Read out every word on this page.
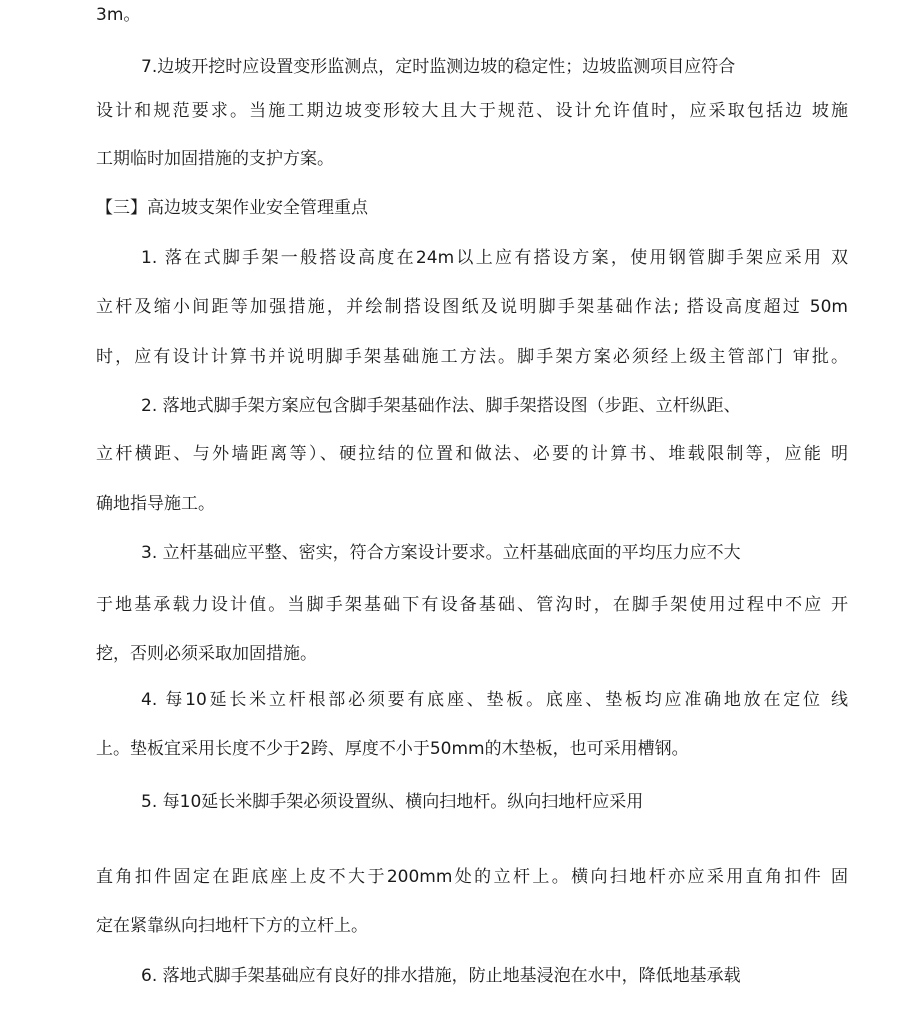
3m。

7.边坡开挖时应设置变形监测点，定时监测边坡的稳定性；边坡监测项目应符合

设计和规范要求。当施工期边坡变形较大且大于规范、设计允许值时，应采取包括边 坡施

工期临时加固措施的支护方案。

【三】高边坡支架作业安全管理重点

1. 落在式脚手架一般搭设高度在24m以上应有搭设方案，使用钢管脚手架应采用 双

立杆及缩小间距等加强措施，并绘制搭设图纸及说明脚手架基础作法; 搭设高度超过 50m

时，应有设计计算书并说明脚手架基础施工方法。脚手架方案必须经上级主管部门 审批。

2. 落地式脚手架方案应包含脚手架基础作法、脚手架搭设图（步距、立杆纵距、

立杆横距、与外墙距离等）、硬拉结的位置和做法、必要的计算书、堆载限制等，应能 明

确地指导施工。

3. 立杆基础应平整、密实，符合方案设计要求。立杆基础底面的平均压力应不大

于地基承载力设计值。当脚手架基础下有设备基础、管沟时，在脚手架使用过程中不应 开

挖，否则必须采取加固措施。

4. 每10延长米立杆根部必须要有底座、垫板。底座、垫板均应准确地放在定位 线

上。垫板宜采用长度不少于2跨、厚度不小于50mm的木垫板，也可采用槽钢。

5. 每10延长米脚手架必须设置纵、横向扫地杆。纵向扫地杆应采用

直角扣件固定在距底座上皮不大于200mm处的立杆上。横向扫地杆亦应采用直角扣件 固

定在紧靠纵向扫地杆下方的立杆上。

6. 落地式脚手架基础应有良好的排水措施，防止地基浸泡在水中，降低地基承载
